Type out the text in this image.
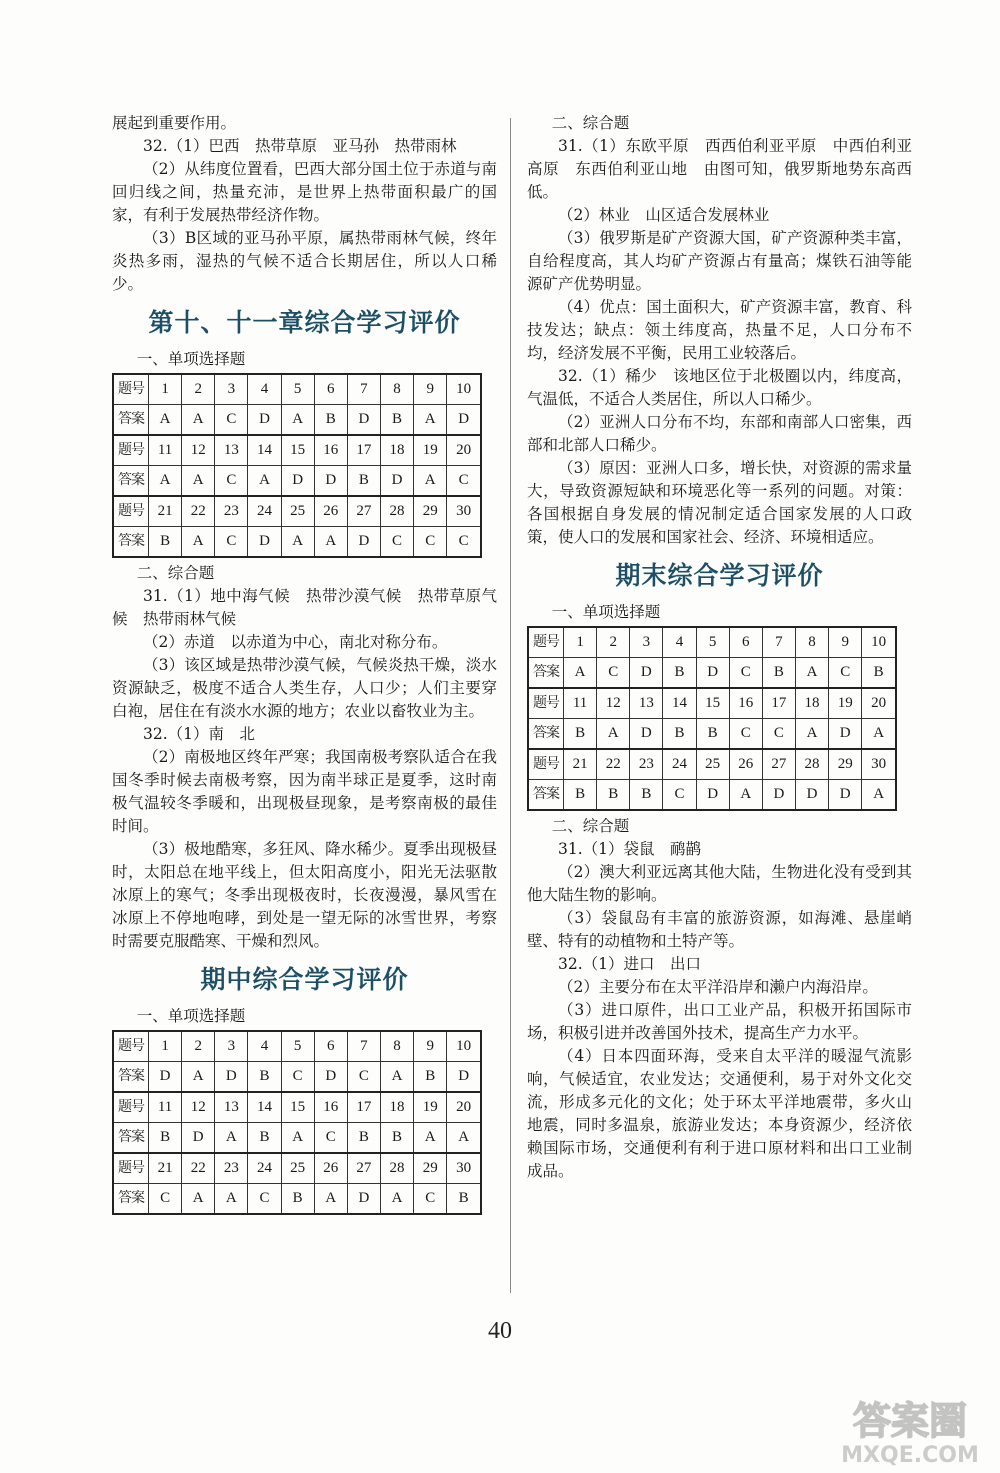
展起到重要作用。

32.（1）巴西　热带草原　亚马孙　热带雨林

（2）从纬度位置看，巴西大部分国土位于赤道与南回归线之间，热量充沛，是世界上热带面积最广的国家，有利于发展热带经济作物。

（3）B区域的亚马孙平原，属热带雨林气候，终年炎热多雨，湿热的气候不适合长期居住，所以人口稀少。

第十、十一章综合学习评价

一、单项选择题

题号	1	2	3	4	5	6	7	8	9	10
答案	A	A	C	D	A	B	D	B	A	D
题号	11	12	13	14	15	16	17	18	19	20
答案	A	A	C	A	D	D	B	D	A	C
题号	21	22	23	24	25	26	27	28	29	30
答案	B	A	C	D	A	A	D	C	C	C

二、综合题

31.（1）地中海气候　热带沙漠气候　热带草原气候　热带雨林气候

（2）赤道　以赤道为中心，南北对称分布。

（3）该区域是热带沙漠气候，气候炎热干燥，淡水资源缺乏，极度不适合人类生存，人口少；人们主要穿白袍，居住在有淡水水源的地方；农业以畜牧业为主。

32.（1）南　北

（2）南极地区终年严寒；我国南极考察队适合在我国冬季时候去南极考察，因为南半球正是夏季，这时南极气温较冬季暖和，出现极昼现象，是考察南极的最佳时间。

（3）极地酷寒，多狂风、降水稀少。夏季出现极昼时，太阳总在地平线上，但太阳高度小，阳光无法驱散冰原上的寒气；冬季出现极夜时，长夜漫漫，暴风雪在冰原上不停地咆哮，到处是一望无际的冰雪世界，考察时需要克服酷寒、干燥和烈风。

期中综合学习评价

一、单项选择题

题号	1	2	3	4	5	6	7	8	9	10
答案	D	A	D	B	C	D	C	A	B	D
题号	11	12	13	14	15	16	17	18	19	20
答案	B	D	A	B	A	C	B	B	A	A
题号	21	22	23	24	25	26	27	28	29	30
答案	C	A	A	C	B	A	D	A	C	B

二、综合题

31.（1）东欧平原　西西伯利亚平原　中西伯利亚高原　东西伯利亚山地　由图可知，俄罗斯地势东高西低。

（2）林业　山区适合发展林业

（3）俄罗斯是矿产资源大国，矿产资源种类丰富，自给程度高，其人均矿产资源占有量高；煤铁石油等能源矿产优势明显。

（4）优点：国土面积大，矿产资源丰富，教育、科技发达；缺点：领土纬度高，热量不足，人口分布不均，经济发展不平衡，民用工业较落后。

32.（1）稀少　该地区位于北极圈以内，纬度高，气温低，不适合人类居住，所以人口稀少。

（2）亚洲人口分布不均，东部和南部人口密集，西部和北部人口稀少。

（3）原因：亚洲人口多，增长快，对资源的需求量大，导致资源短缺和环境恶化等一系列的问题。对策：各国根据自身发展的情况制定适合国家发展的人口政策，使人口的发展和国家社会、经济、环境相适应。

期末综合学习评价

一、单项选择题

题号	1	2	3	4	5	6	7	8	9	10
答案	A	C	D	B	D	C	B	A	C	B
题号	11	12	13	14	15	16	17	18	19	20
答案	B	A	D	B	B	C	C	A	D	A
题号	21	22	23	24	25	26	27	28	29	30
答案	B	B	B	C	D	A	D	D	D	A

二、综合题

31.（1）袋鼠　鸸鹋

（2）澳大利亚远离其他大陆，生物进化没有受到其他大陆生物的影响。

（3）袋鼠岛有丰富的旅游资源，如海滩、悬崖峭壁、特有的动植物和土特产等。

32.（1）进口　出口

（2）主要分布在太平洋沿岸和濑户内海沿岸。

（3）进口原件，出口工业产品，积极开拓国际市场，积极引进并改善国外技术，提高生产力水平。

（4）日本四面环海，受来自太平洋的暖湿气流影响，气候适宜，农业发达；交通便利，易于对外文化交流，形成多元化的文化；处于环太平洋地震带，多火山地震，同时多温泉，旅游业发达；本身资源少，经济依赖国际市场，交通便利有利于进口原材料和出口工业制成品。

40
答案圈
MXQE.COM
